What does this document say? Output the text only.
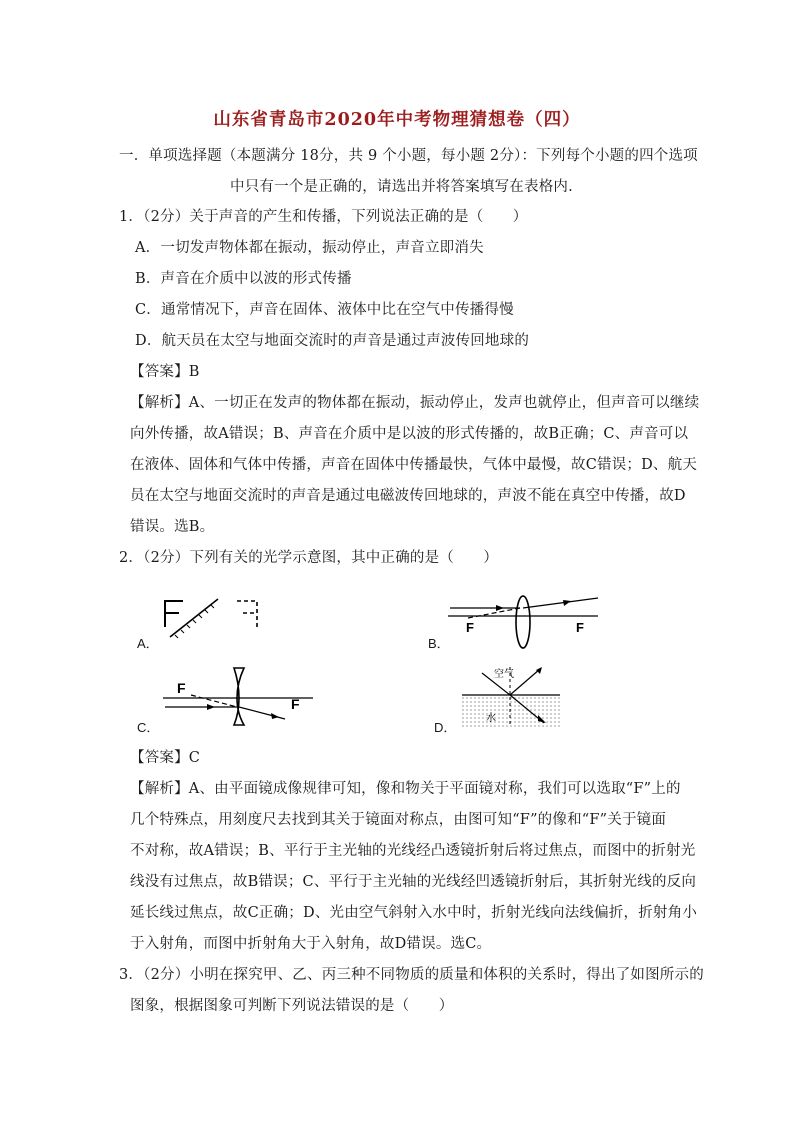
山东省青岛市2020年中考物理猜想卷（四）
一．单项选择题（本题满分 18分，共 9 个小题，每小题 2分）：下列每个小题的四个选项
中只有一个是正确的，请选出并将答案填写在表格内.
1．（2分）关于声音的产生和传播，下列说法正确的是（　　）
A．一切发声物体都在振动，振动停止，声音立即消失
B．声音在介质中以波的形式传播
C．通常情况下，声音在固体、液体中比在空气中传播得慢
D．航天员在太空与地面交流时的声音是通过声波传回地球的
【答案】B
【解析】A、一切正在发声的物体都在振动，振动停止，发声也就停止，但声音可以继续
向外传播，故A错误；B、声音在介质中是以波的形式传播的，故B正确；C、声音可以
在液体、固体和气体中传播，声音在固体中传播最快，气体中最慢，故C错误；D、航天
员在太空与地面交流时的声音是通过电磁波传回地球的，声波不能在真空中传播，故D
错误。选B。
2．（2分）下列有关的光学示意图，其中正确的是（　　）
A．
F	F
B．
F
F
C．
空气
水
D．
【答案】C
【解析】A、由平面镜成像规律可知，像和物关于平面镜对称，我们可以选取“F”上的
几个特殊点，用刻度尺去找到其关于镜面对称点，由图可知“F”的像和“F”关于镜面
不对称，故A错误；B、平行于主光轴的光线经凸透镜折射后将过焦点，而图中的折射光
线没有过焦点，故B错误；C、平行于主光轴的光线经凹透镜折射后，其折射光线的反向
延长线过焦点，故C正确；D、光由空气斜射入水中时，折射光线向法线偏折，折射角小
于入射角，而图中折射角大于入射角，故D错误。选C。
3．（2分）小明在探究甲、乙、丙三种不同物质的质量和体积的关系时，得出了如图所示的
图象，根据图象可判断下列说法错误的是（　　）
